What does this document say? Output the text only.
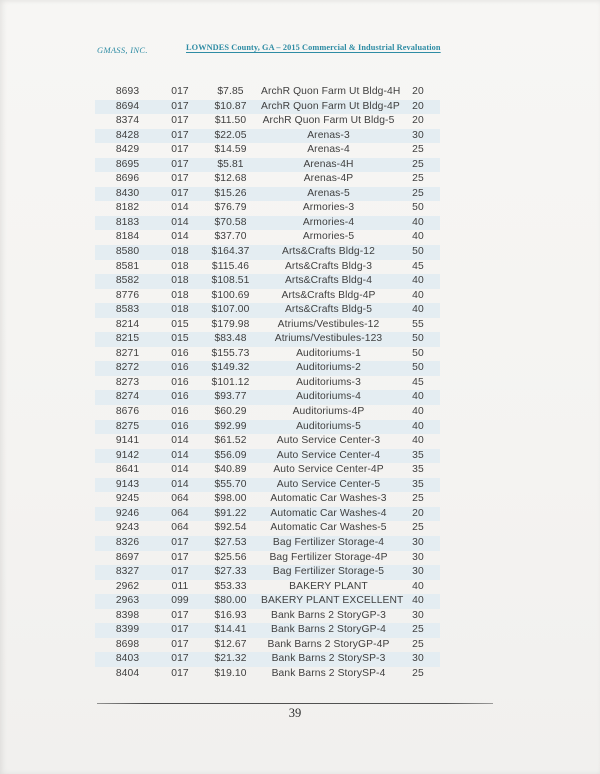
GMASS, INC.	LOWNDES County, GA – 2015 Commercial & Industrial Revaluation
8693	017	$7.85	ArchR Quon Farm Ut Bldg-4H	20
8694	017	$10.87	ArchR Quon Farm Ut Bldg-4P	20
8374	017	$11.50	ArchR Quon Farm Ut Bldg-5	20
8428	017	$22.05	Arenas-3	30
8429	017	$14.59	Arenas-4	25
8695	017	$5.81	Arenas-4H	25
8696	017	$12.68	Arenas-4P	25
8430	017	$15.26	Arenas-5	25
8182	014	$76.79	Armories-3	50
8183	014	$70.58	Armories-4	40
8184	014	$37.70	Armories-5	40
8580	018	$164.37	Arts&Crafts Bldg-12	50
8581	018	$115.46	Arts&Crafts Bldg-3	45
8582	018	$108.51	Arts&Crafts Bldg-4	40
8776	018	$100.69	Arts&Crafts Bldg-4P	40
8583	018	$107.00	Arts&Crafts Bldg-5	40
8214	015	$179.98	Atriums/Vestibules-12	55
8215	015	$83.48	Atriums/Vestibules-123	50
8271	016	$155.73	Auditoriums-1	50
8272	016	$149.32	Auditoriums-2	50
8273	016	$101.12	Auditoriums-3	45
8274	016	$93.77	Auditoriums-4	40
8676	016	$60.29	Auditoriums-4P	40
8275	016	$92.99	Auditoriums-5	40
9141	014	$61.52	Auto Service Center-3	40
9142	014	$56.09	Auto Service Center-4	35
8641	014	$40.89	Auto Service Center-4P	35
9143	014	$55.70	Auto Service Center-5	35
9245	064	$98.00	Automatic Car Washes-3	25
9246	064	$91.22	Automatic Car Washes-4	20
9243	064	$92.54	Automatic Car Washes-5	25
8326	017	$27.53	Bag Fertilizer Storage-4	30
8697	017	$25.56	Bag Fertilizer Storage-4P	30
8327	017	$27.33	Bag Fertilizer Storage-5	30
2962	011	$53.33	BAKERY PLANT	40
2963	099	$80.00	BAKERY PLANT EXCELLENT 40
8398	017	$16.93	Bank Barns 2 StoryGP-3	30
8399	017	$14.41	Bank Barns 2 StoryGP-4	25
8698	017	$12.67	Bank Barns 2 StoryGP-4P	25
8403	017	$21.32	Bank Barns 2 StorySP-3	30
8404	017	$19.10	Bank Barns 2 StorySP-4	25
39
